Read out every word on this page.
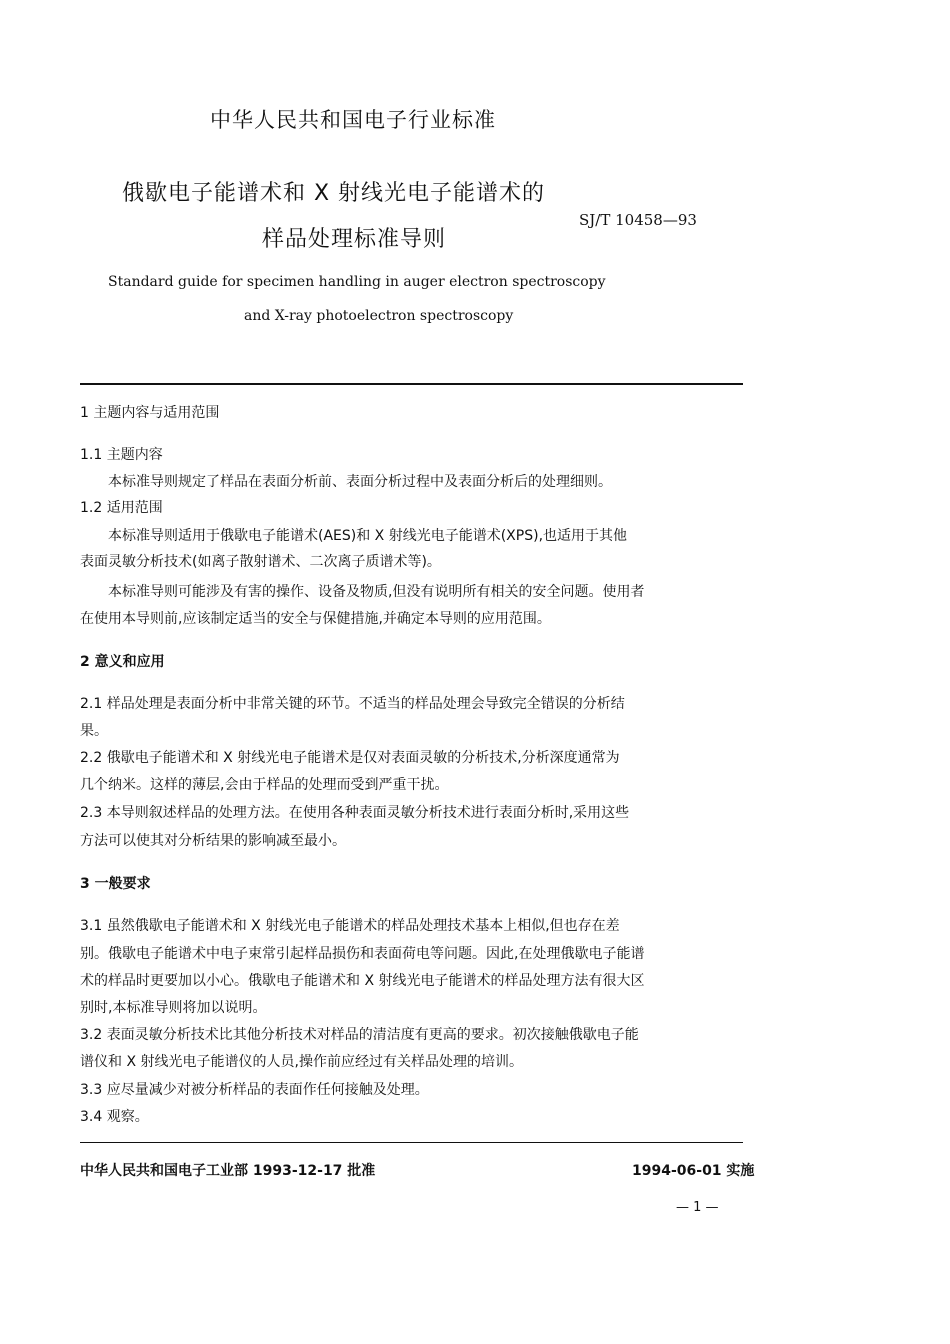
中华人民共和国电子行业标准
俄歇电子能谱术和 X 射线光电子能谱术的
样品处理标准导则
SJ/T 10458—93
Standard guide for specimen handling in auger electron spectroscopy
and X-ray photoelectron spectroscopy
1 主题内容与适用范围
1.1 主题内容
本标准导则规定了样品在表面分析前、表面分析过程中及表面分析后的处理细则。
1.2 适用范围
本标准导则适用于俄歇电子能谱术(AES)和 X 射线光电子能谱术(XPS),也适用于其他
表面灵敏分析技术(如离子散射谱术、二次离子质谱术等)。
本标准导则可能涉及有害的操作、设备及物质,但没有说明所有相关的安全问题。使用者
在使用本导则前,应该制定适当的安全与保健措施,并确定本导则的应用范围。
2 意义和应用
2.1 样品处理是表面分析中非常关键的环节。不适当的样品处理会导致完全错误的分析结
果。
2.2 俄歇电子能谱术和 X 射线光电子能谱术是仅对表面灵敏的分析技术,分析深度通常为
几个纳米。这样的薄层,会由于样品的处理而受到严重干扰。
2.3 本导则叙述样品的处理方法。在使用各种表面灵敏分析技术进行表面分析时,采用这些
方法可以使其对分析结果的影响减至最小。
3 一般要求
3.1 虽然俄歇电子能谱术和 X 射线光电子能谱术的样品处理技术基本上相似,但也存在差
别。俄歇电子能谱术中电子束常引起样品损伤和表面荷电等问题。因此,在处理俄歇电子能谱
术的样品时更要加以小心。俄歇电子能谱术和 X 射线光电子能谱术的样品处理方法有很大区
别时,本标准导则将加以说明。
3.2 表面灵敏分析技术比其他分析技术对样品的清洁度有更高的要求。初次接触俄歇电子能
谱仪和 X 射线光电子能谱仪的人员,操作前应经过有关样品处理的培训。
3.3 应尽量减少对被分析样品的表面作任何接触及处理。
3.4 观察。
中华人民共和国电子工业部 1993-12-17 批准	1994-06-01 实施
— 1 —
